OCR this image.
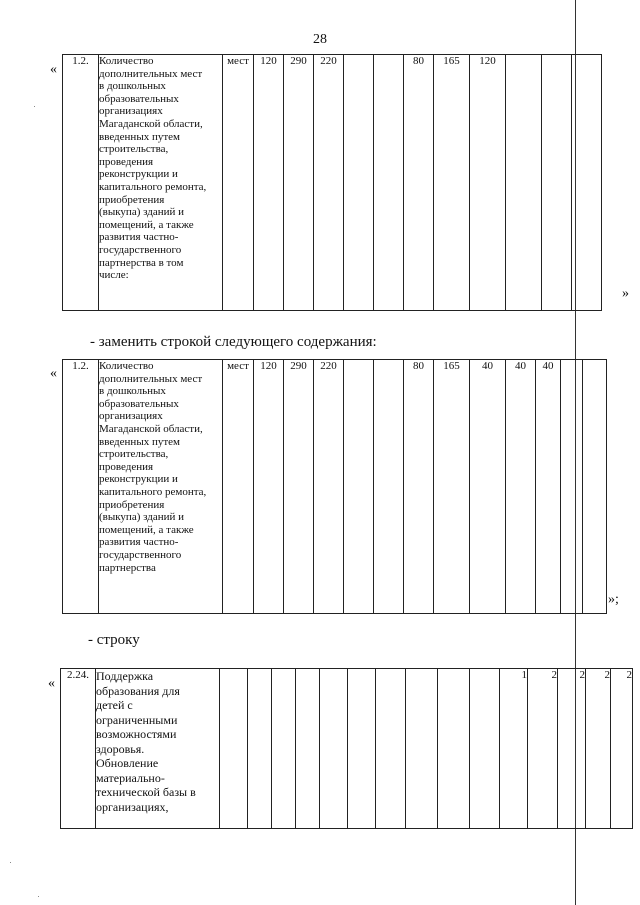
28
«
1.2.	Количество
дополнительных мест
в дошкольных
образовательных
организациях
Магаданской области,
введенных путем
строительства,
проведения
реконструкции и
капитального ремонта,
приобретения
(выкупа) зданий и
помещений, а также
развития частно-
государственного
партнерства в том
числе:
	мест	120	290	220			80	165	120			
»
- заменить строкой следующего содержания:
« 1.2.	Количество
дополнительных мест
в дошкольных
образовательных
организациях
Магаданской области,
введенных путем
строительства,
проведения
реконструкции и
капитального ремонта,
приобретения
(выкупа) зданий и
помещений, а также
развития частно-
государственного
партнерства
	мест	120	290	220			80	165	40	40	40		
»;
- строку
«
2.24.	Поддержка
образования для
детей с
ограниченными
возможностями
здоровья.
Обновление
материально-
технической базы в
организациях,
											1	2	2	2	2
